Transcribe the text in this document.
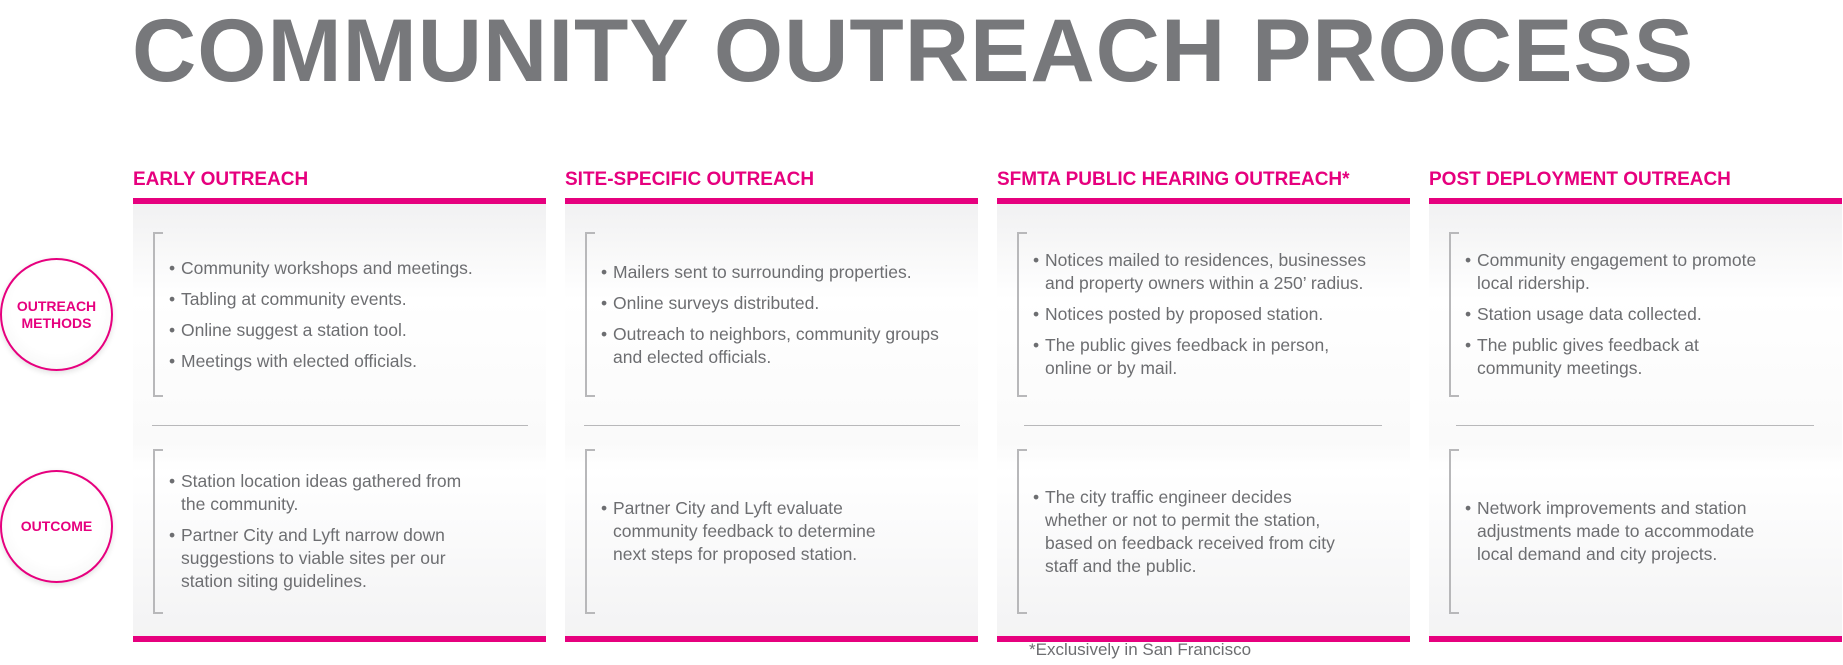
COMMUNITY OUTREACH PROCESS
OUTREACH METHODS
OUTCOME
EARLY OUTREACH
• Community workshops and meetings.
• Tabling at community events.
• Online suggest a station tool.
• Meetings with elected officials.
• Station location ideas gathered from the community.
• Partner City and Lyft narrow down suggestions to viable sites per our station siting guidelines.
SITE-SPECIFIC OUTREACH
• Mailers sent to surrounding properties.
• Online surveys distributed.
• Outreach to neighbors, community groups and elected officials.
• Partner City and Lyft evaluate community feedback to determine next steps for proposed station.
SFMTA PUBLIC HEARING OUTREACH*
• Notices mailed to residences, businesses and property owners within a 250’ radius.
• Notices posted by proposed station.
• The public gives feedback in person, online or by mail.
• The city traffic engineer decides whether or not to permit the station, based on feedback received from city staff and the public.
POST DEPLOYMENT OUTREACH
• Community engagement to promote local ridership.
• Station usage data collected.
• The public gives feedback at community meetings.
• Network improvements and station adjustments made to accommodate local demand and city projects.
*Exclusively in San Francisco
